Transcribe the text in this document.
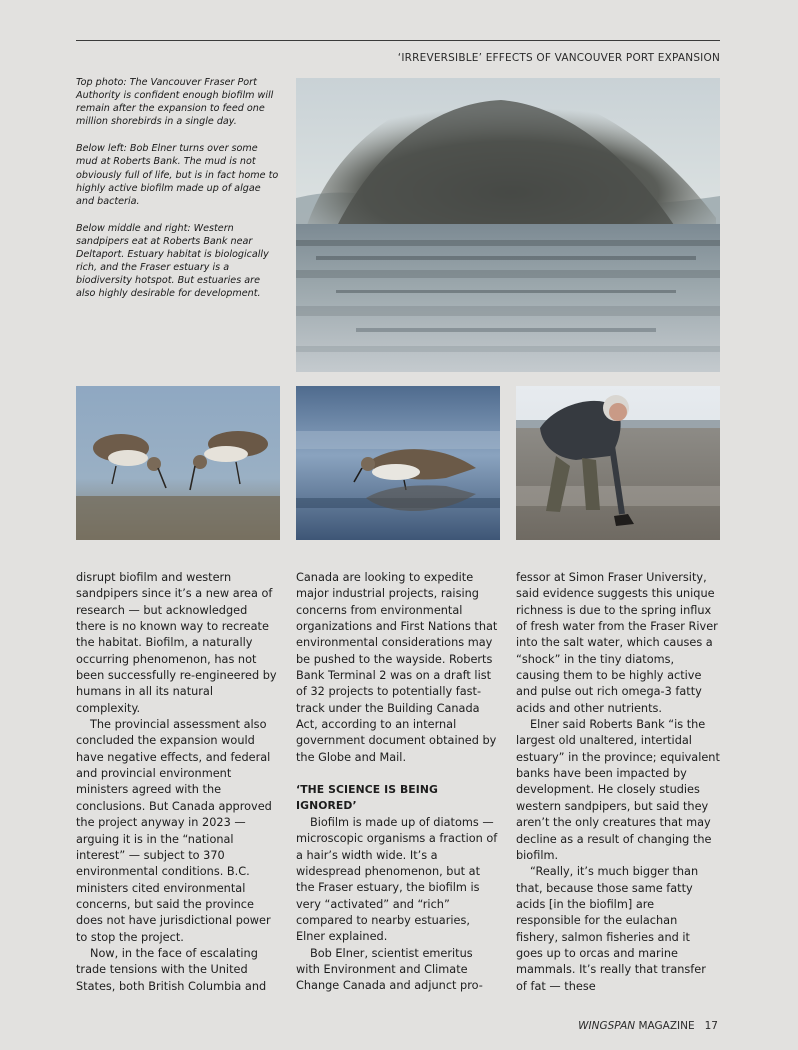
‘IRREVERSIBLE’ EFFECTS OF VANCOUVER PORT EXPANSION

Top photo: The Vancouver Fraser Port Authority is confident enough biofilm will remain after the expansion to feed one million shorebirds in a single day.

Below left: Bob Elner turns over some mud at Roberts Bank. The mud is not obviously full of life, but is in fact home to highly active biofilm made up of algae and bacteria.

Below middle and right: Western sandpipers eat at Roberts Bank near Deltaport. Estuary habitat is biologically rich, and the Fraser estuary is a biodiversity hotspot. But estuaries are also highly desirable for development.

disrupt biofilm and western sandpipers since it’s a new area of research — but acknowledged there is no known way to recreate the habitat. Biofilm, a naturally occurring phenomenon, has not been successfully re-engineered by humans in all its natural complexity.

The provincial assessment also concluded the expansion would have negative effects, and federal and provincial environment ministers agreed with the conclusions. But Canada approved the project anyway in 2023 — arguing it is in the “national interest” — subject to 370 environmental conditions. B.C. ministers cited environmental concerns, but said the province does not have jurisdictional power to stop the project.

Now, in the face of escalating trade tensions with the United States, both British Columbia and

Canada are looking to expedite major industrial projects, raising concerns from environmental organizations and First Nations that environmental considerations may be pushed to the wayside. Roberts Bank Terminal 2 was on a draft list of 32 projects to potentially fast-track under the Building Canada Act, according to an internal government document obtained by the Globe and Mail.

‘THE SCIENCE IS BEING IGNORED’

Biofilm is made up of diatoms — microscopic organisms a fraction of a hair’s width wide. It’s a widespread phenomenon, but at the Fraser estuary, the biofilm is very “activated” and “rich” compared to nearby estuaries, Elner explained.

Bob Elner, scientist emeritus with Environment and Climate Change Canada and adjunct pro-

fessor at Simon Fraser University, said evidence suggests this unique richness is due to the spring influx of fresh water from the Fraser River into the salt water, which causes a “shock” in the tiny diatoms, causing them to be highly active and pulse out rich omega-3 fatty acids and other nutrients.

Elner said Roberts Bank “is the largest old unaltered, intertidal estuary” in the province; equivalent banks have been impacted by development. He closely studies western sandpipers, but said they aren’t the only creatures that may decline as a result of changing the biofilm.

“Really, it’s much bigger than that, because those same fatty acids [in the biofilm] are responsible for the eulachan fishery, salmon fisheries and it goes up to orcas and marine mammals. It’s really that transfer of fat — these

WINGSPAN MAGAZINE 17
